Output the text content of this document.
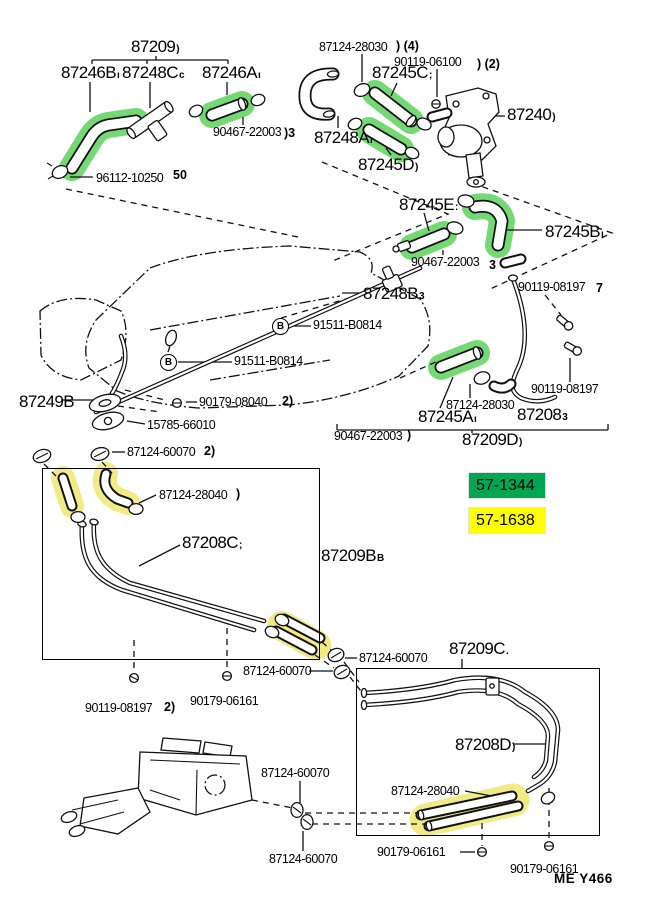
B
B
87209)
87246Bı 87248Cc 87246Aı
87124-28030
90119-06100
87245C;
90467-22003 87248Aı
87240)
96112-10250
87245D)
87245E:
87245Bı
90467-22003
90119-08197
87248B3
91511-B0814
91511-B0814
87249B	90179-08040
15785-66010
90467-22003
87124-28030
87245Aı 872083
87209D)
90119-08197
87124-60070
87124-28040
87208C;
87209BB
87124-60070
87124-60070 87209C.
87208D)
90119-08197	90179-06161
87124-60070
87124-60070
87124-28040
90179-06161
90179-06161
) (4)
) (2)
)3
50
3
7
2)
)
2)
)
2)
57-1344
57-1638
ME Y466
